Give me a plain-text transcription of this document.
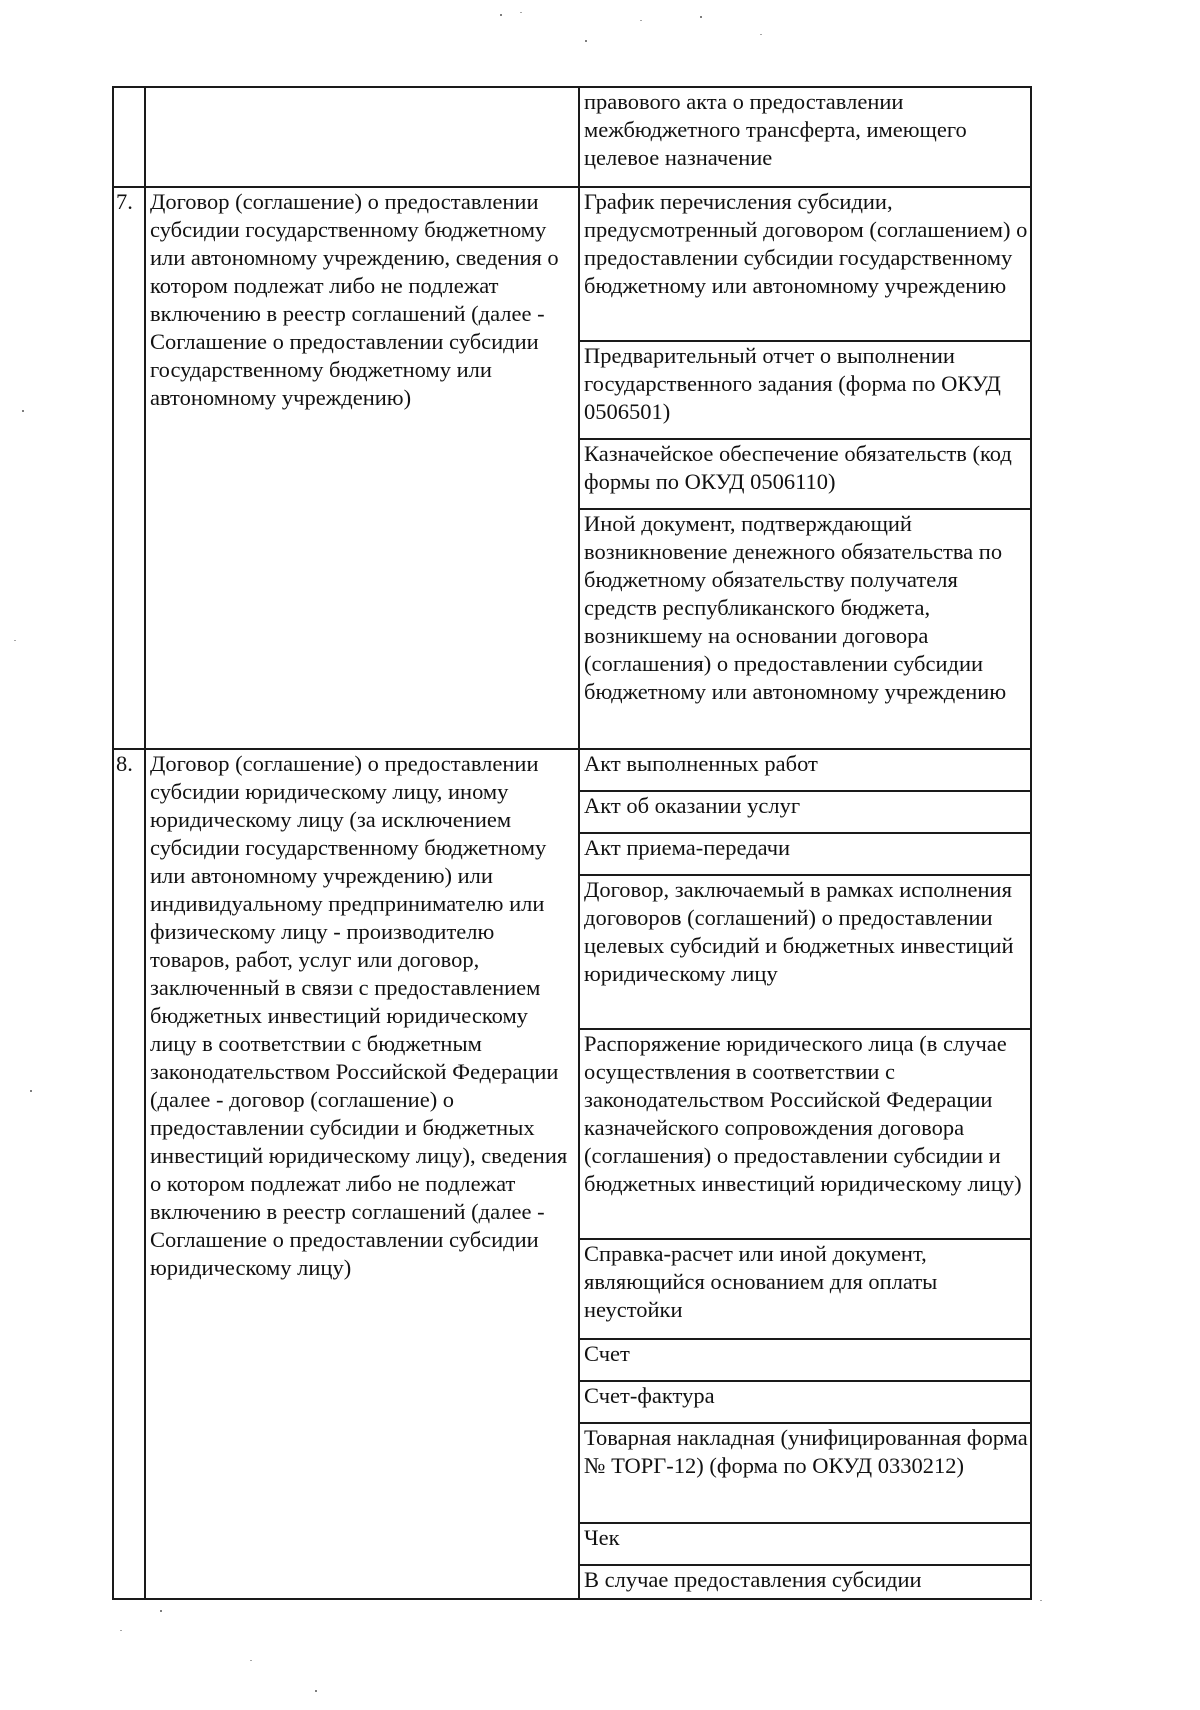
		правового акта о предоставлении межбюджетного трансферта, имеющего целевое назначение
7.	Договор (соглашение) о предоставлении субсидии государственному бюджетному или автономному учреждению, сведения о котором подлежат либо не подлежат включению в реестр соглашений (далее - Соглашение о предоставлении субсидии государственному бюджетному или автономному учреждению)	График перечисления субсидии, предусмотренный договором (соглашением) о предоставлении субсидии государственному бюджетному или автономному учреждению
		Предварительный отчет о выполнении государственного задания (форма по ОКУД 0506501)
		Казначейское обеспечение обязательств (код формы по ОКУД 0506110)
		Иной документ, подтверждающий возникновение денежного обязательства по бюджетному обязательству получателя средств республиканского бюджета, возникшему на основании договора (соглашения) о предоставлении субсидии бюджетному или автономному учреждению
8.	Договор (соглашение) о предоставлении субсидии юридическому лицу, иному юридическому лицу (за исключением субсидии государственному бюджетному или автономному учреждению) или индивидуальному предпринимателю или физическому лицу - производителю товаров, работ, услуг или договор, заключенный в связи с предоставлением бюджетных инвестиций юридическому лицу в соответствии с бюджетным законодательством Российской Федерации (далее - договор (соглашение) о предоставлении субсидии и бюджетных инвестиций юридическому лицу), сведения о котором подлежат либо не подлежат включению в реестр соглашений (далее - Соглашение о предоставлении субсидии юридическому лицу)	Акт выполненных работ
		Акт об оказании услуг
		Акт приема-передачи
		Договор, заключаемый в рамках исполнения договоров (соглашений) о предоставлении целевых субсидий и бюджетных инвестиций юридическому лицу
		Распоряжение юридического лица (в случае осуществления в соответствии с законодательством Российской Федерации казначейского сопровождения договора (соглашения) о предоставлении субсидии и бюджетных инвестиций юридическому лицу)
		Справка-расчет или иной документ, являющийся основанием для оплаты неустойки
		Счет
		Счет-фактура
		Товарная накладная (унифицированная форма № ТОРГ-12) (форма по ОКУД 0330212)
		Чек
		В случае предоставления субсидии
